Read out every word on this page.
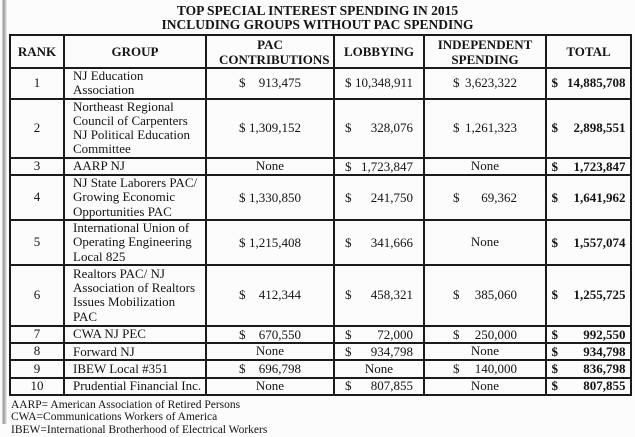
TOP SPECIAL INTEREST SPENDING IN 2015
INCLUDING GROUPS WITHOUT PAC SPENDING
RANK	GROUP	PAC CONTRIBUTIONS	LOBBYING	INDEPENDENT SPENDING	TOTAL
1	NJ Education Association	$ 913,475	$ 10,348,911	$ 3,623,322	$ 14,885,708

2	Northeast Regional Council of Carpenters NJ Political Education Committee	$ 1,309,152	$ 328,076	$ 1,261,323	$ 2,898,551

3	AARP NJ	None	$ 1,723,847	None	$ 1,723,847

4	NJ State Laborers PAC/ Growing Economic Opportunities PAC	$ 1,330,850	$ 241,750	$ 69,362	$ 1,641,962

5	International Union of Operating Engineering Local 825	$ 1,215,408	$ 341,666	None	$ 1,557,074

6	Realtors PAC/ NJ Association of Realtors Issues Mobilization PAC	$ 412,344	$ 458,321	$ 385,060	$ 1,255,725

7	CWA NJ PEC	$ 670,550	$ 72,000	$ 250,000	$ 992,550

8	Forward NJ	None	$ 934,798	None	$ 934,798

9	IBEW Local #351	$ 696,798	None	$ 140,000	$ 836,798

10	Prudential Financial Inc.	None	$ 807,855	None	$ 807,855
AARP= American Association of Retired Persons
CWA=Communications Workers of America
IBEW=International Brotherhood of Electrical Workers
